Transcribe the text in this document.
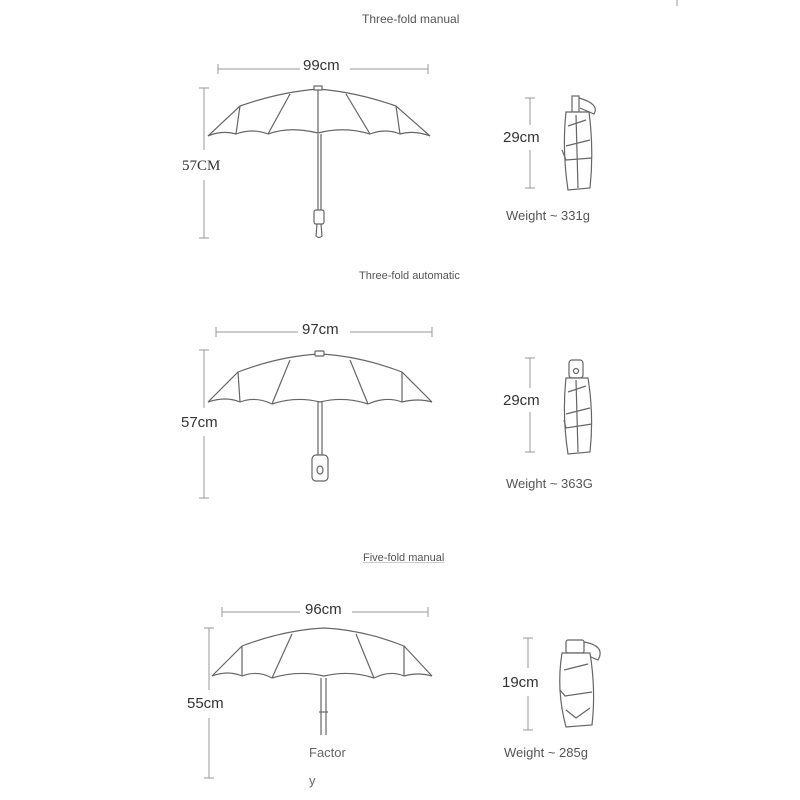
Three-fold manual
99cm
57CM
29cm
Weight ~ 331g
Three-fold automatic
97cm
57cm
29cm
Weight ~ 363G
Five-fold manual
96cm
55cm
19cm
Weight ~ 285g
Factor
y
